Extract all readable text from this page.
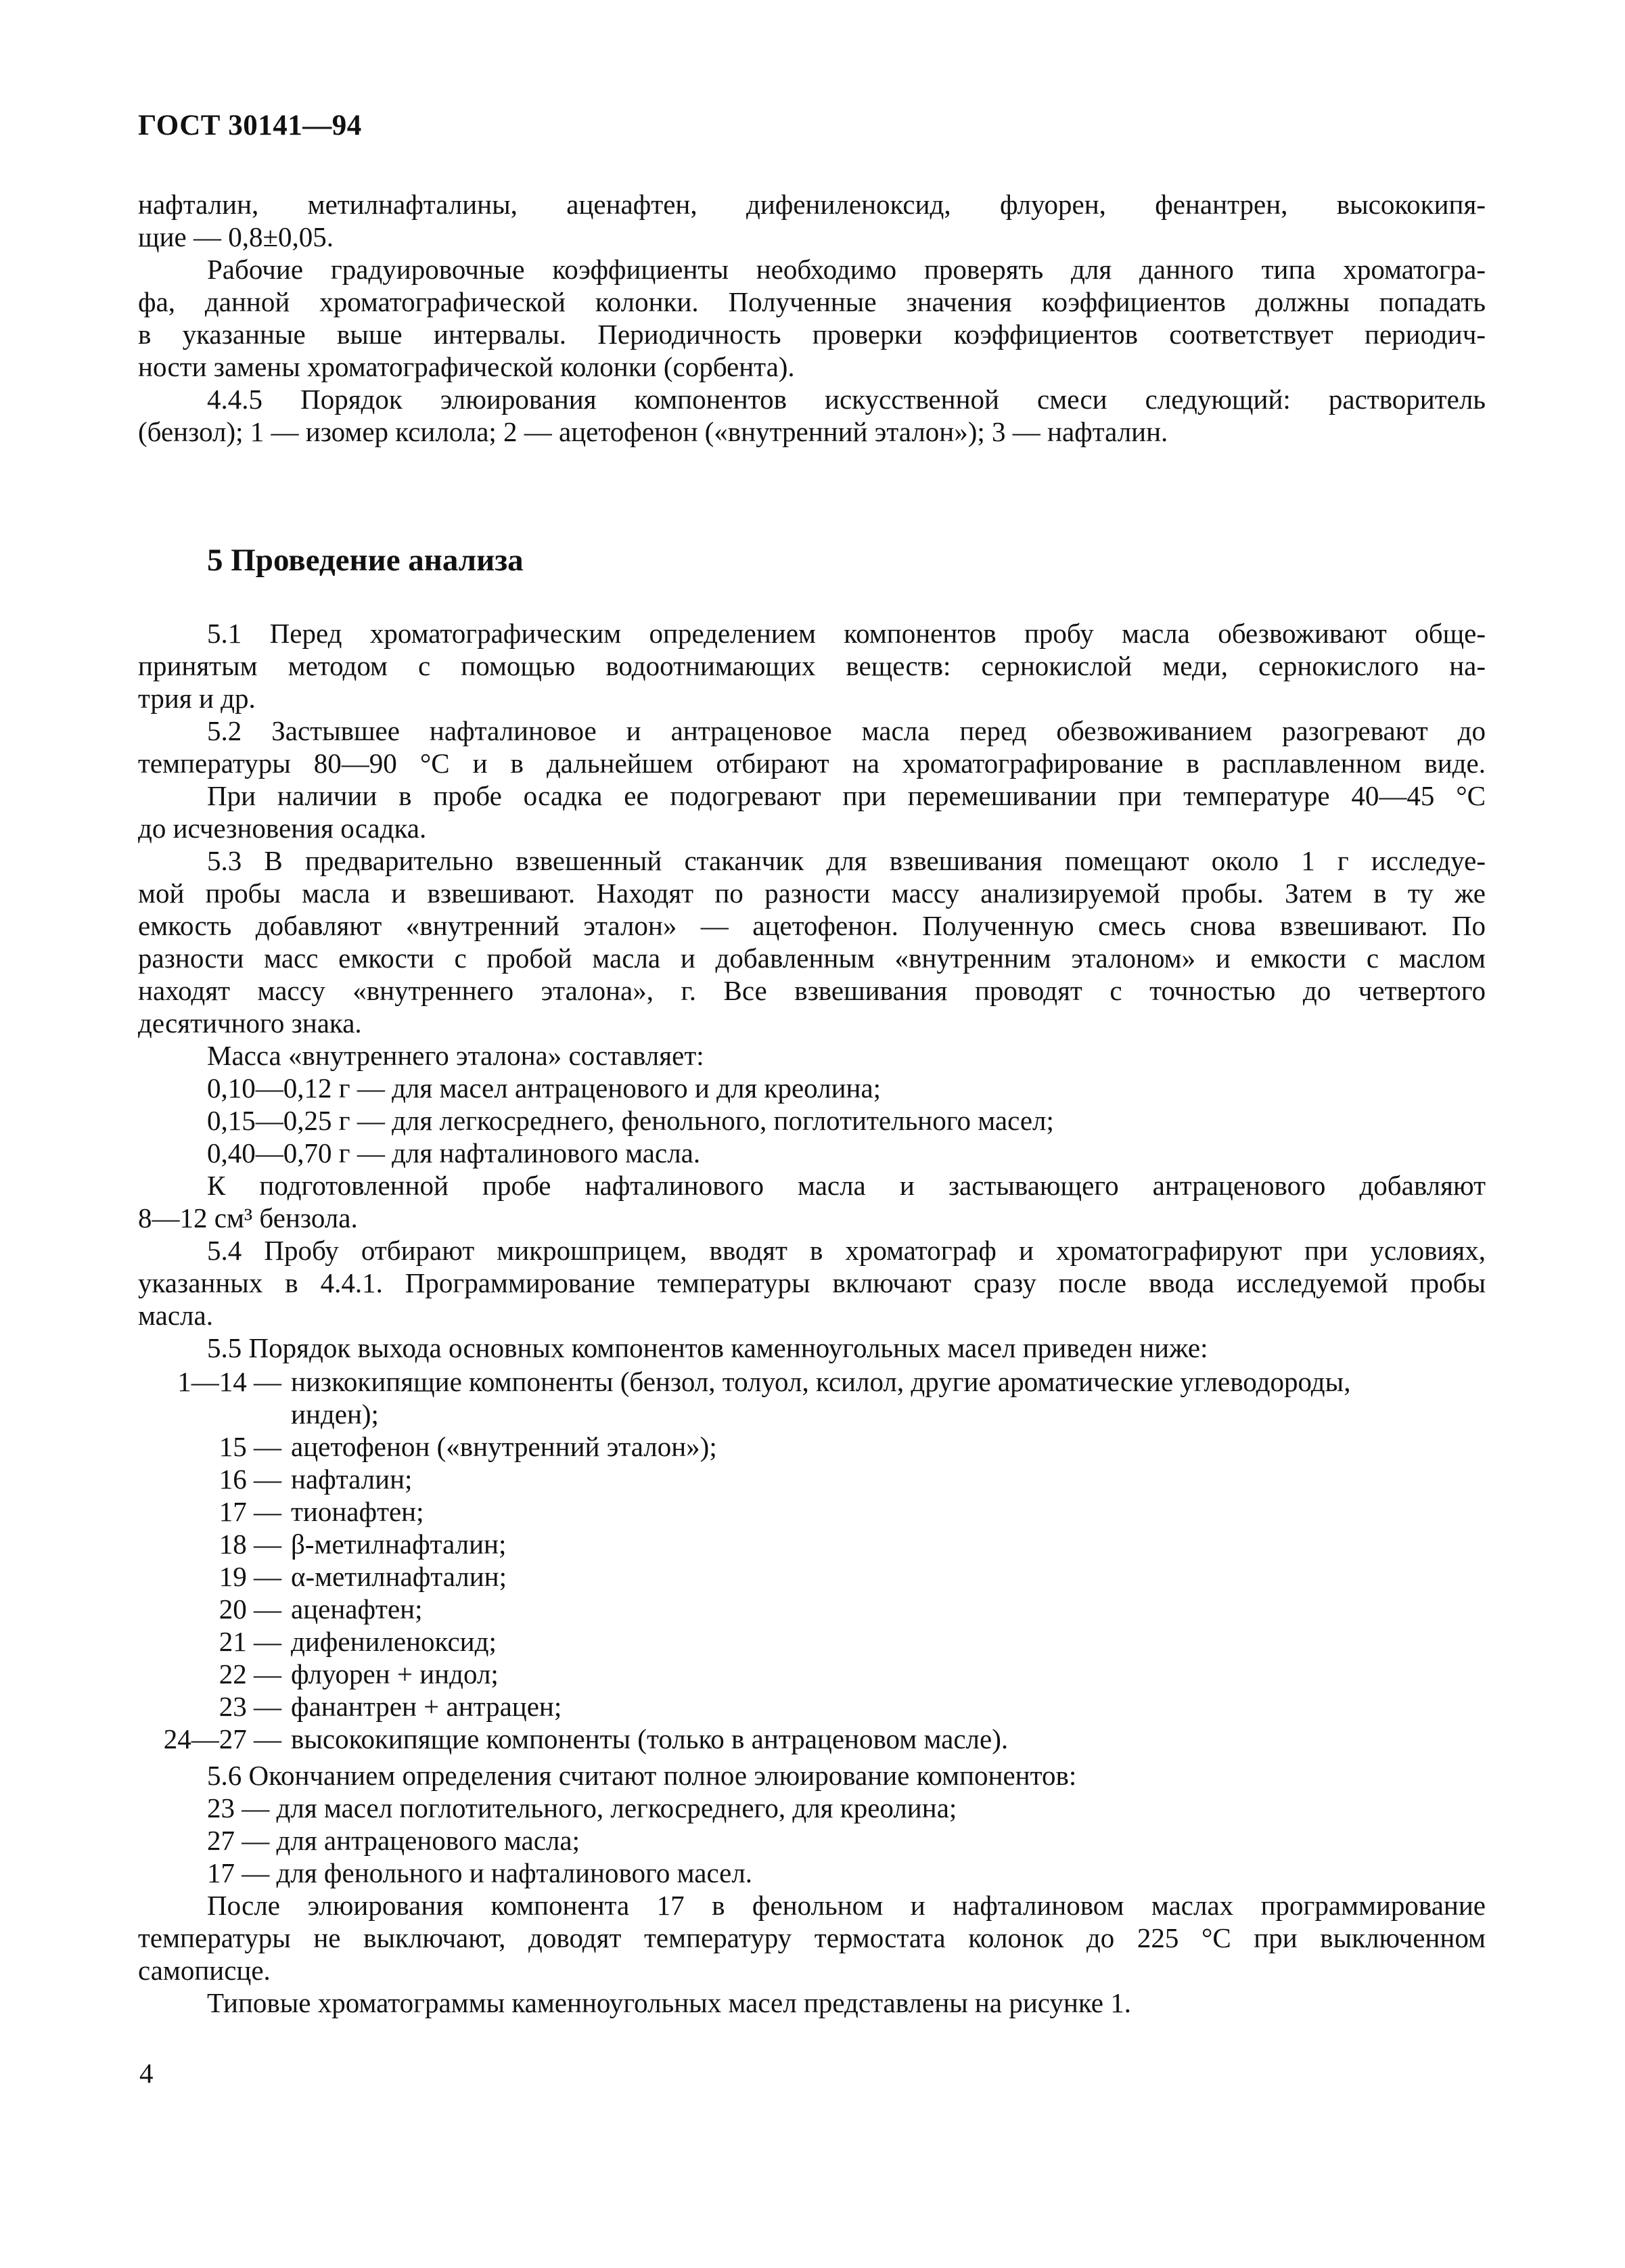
ГОСТ 30141—94

нафталин, метилнафталины, аценафтен, дифениленоксид, флуорен, фенантрен, высококипя-

щие — 0,8±0,05.

Рабочие градуировочные коэффициенты необходимо проверять для данного типа хроматогра-

фа, данной хроматографической колонки. Полученные значения коэффициентов должны попадать

в указанные выше интервалы. Периодичность проверки коэффициентов соответствует периодич-

ности замены хроматографической колонки (сорбента).

4.4.5 Порядок элюирования компонентов искусственной смеси следующий: растворитель

(бензол); 1 — изомер ксилола; 2 — ацетофенон («внутренний эталон»); 3 — нафталин.

5 Проведение анализа

5.1 Перед хроматографическим определением компонентов пробу масла обезвоживают обще-

принятым методом с помощью водоотнимающих веществ: сернокислой меди, сернокислого на-

трия и др.

5.2 Застывшее нафталиновое и антраценовое масла перед обезвоживанием разогревают до

температуры 80—90 °С и в дальнейшем отбирают на хроматографирование в расплавленном виде.

При наличии в пробе осадка ее подогревают при перемешивании при температуре 40—45 °С

до исчезновения осадка.

5.3 В предварительно взвешенный стаканчик для взвешивания помещают около 1 г исследуе-

мой пробы масла и взвешивают. Находят по разности массу анализируемой пробы. Затем в ту же

емкость добавляют «внутренний эталон» — ацетофенон. Полученную смесь снова взвешивают. По

разности масс емкости с пробой масла и добавленным «внутренним эталоном» и емкости с маслом

находят массу «внутреннего эталона», г. Все взвешивания проводят с точностью до четвертого

десятичного знака.

Масса «внутреннего эталона» составляет:

0,10—0,12 г — для масел антраценового и для креолина;

0,15—0,25 г — для легкосреднего, фенольного, поглотительного масел;

0,40—0,70 г — для нафталинового масла.

К подготовленной пробе нафталинового масла и застывающего антраценового добавляют

8—12 см³ бензола.

5.4 Пробу отбирают микрошприцем, вводят в хроматограф и хроматографируют при условиях,

указанных в 4.4.1. Программирование температуры включают сразу после ввода исследуемой пробы

масла.

5.5 Порядок выхода основных компонентов каменноугольных масел приведен ниже:

1—14 — низкокипящие компоненты (бензол, толуол, ксилол, другие ароматические углеводороды,

инден);

15 — ацетофенон («внутренний эталон»);

16 — нафталин;

17 — тионафтен;

18 — β-метилнафталин;

19 — α-метилнафталин;

20 — аценафтен;

21 — дифениленоксид;

22 — флуорен + индол;

23 — фанантрен + антрацен;

24—27 — высококипящие компоненты (только в антраценовом масле).

5.6 Окончанием определения считают полное элюирование компонентов:

23 — для масел поглотительного, легкосреднего, для креолина;

27 — для антраценового масла;

17 — для фенольного и нафталинового масел.

После элюирования компонента 17 в фенольном и нафталиновом маслах программирование

температуры не выключают, доводят температуру термостата колонок до 225 °С при выключенном

самописце.

Типовые хроматограммы каменноугольных масел представлены на рисунке 1.

4
